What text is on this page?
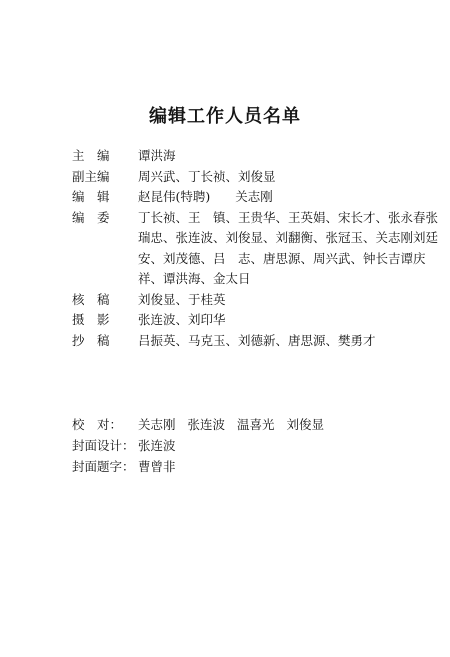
编辑工作人员名单
主　编	谭洪海
副主编	周兴武、丁长祯、刘俊显
编　辑	赵昆伟(特聘)　　关志刚
编　委	丁长祯、王　镇、王贵华、王英娟、宋长才、张永春张瑞忠、张连波、刘俊显、刘翻衡、张冠玉、关志刚刘廷安、刘茂德、吕　志、唐思源、周兴武、钟长吉谭庆祥、谭洪海、金太日
核　稿	刘俊显、于桂英
摄　影	张连波、刘印华
抄　稿	吕振英、马克玉、刘德新、唐思源、樊勇才
校　对：	关志刚 张连波 温喜光 刘俊显
封面设计： 张连波
封面题字： 曹曾非
